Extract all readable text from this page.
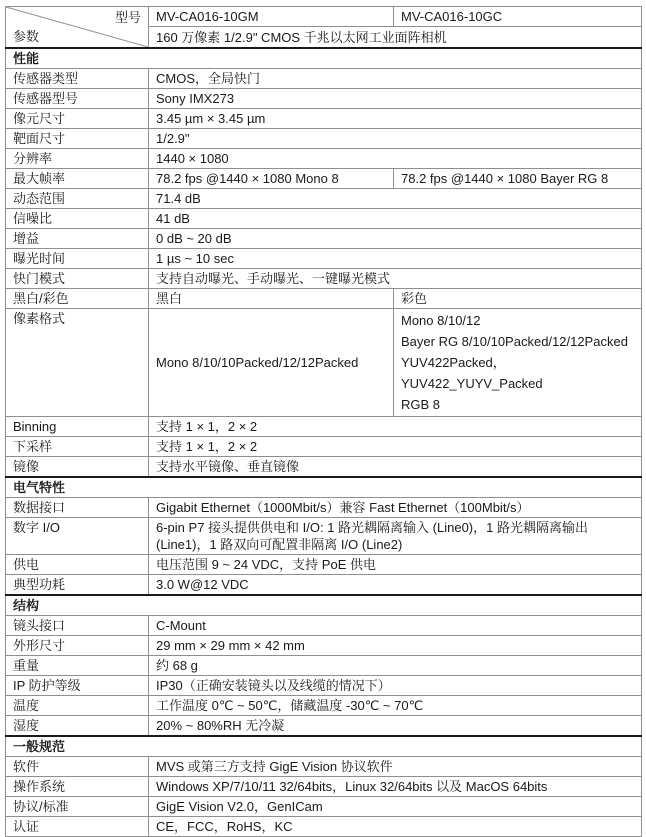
型号
参数	MV-CA016-10GM	MV-CA016-10GC
	160 万像素 1/2.9" CMOS 千兆以太网工业面阵相机	
性能		
传感器类型	CMOS，全局快门	
传感器型号	Sony IMX273	
像元尺寸	3.45 µm × 3.45 µm	
靶面尺寸	1/2.9"	
分辨率	1440 × 1080	
最大帧率	78.2 fps @1440 × 1080 Mono 8	78.2 fps @1440 × 1080 Bayer RG 8
动态范围	71.4 dB	
信噪比	41 dB	
增益	0 dB ~ 20 dB	
曝光时间	1 µs ~ 10 sec	
快门模式	支持自动曝光、手动曝光、一键曝光模式	
黑白/彩色	黑白	彩色
像素格式	Mono 8/10/10Packed/12/12Packed	Mono 8/10/12
Bayer RG 8/10/10Packed/12/12Packed
YUV422Packed，YUV422_YUYV_Packed
RGB 8

Binning	支持 1 × 1，2 × 2	
下采样	支持 1 × 1，2 × 2	
镜像	支持水平镜像、垂直镜像	
电气特性		
数据接口	Gigabit Ethernet（1000Mbit/s）兼容 Fast Ethernet（100Mbit/s）	
数字 I/O	6-pin P7 接头提供供电和 I/O: 1 路光耦隔离输入 (Line0)，1 路光耦隔离输出 (Line1)，1 路双向可配置非隔离 I/O (Line2)	
供电	电压范围 9 ~ 24 VDC，支持 PoE 供电	
典型功耗	3.0 W@12 VDC	
结构		
镜头接口	C-Mount	
外形尺寸	29 mm × 29 mm × 42 mm	
重量	约 68 g	
IP 防护等级	IP30（正确安装镜头以及线缆的情况下）	
温度	工作温度 0℃ ~ 50℃，储藏温度 -30℃ ~ 70℃	
湿度	20% ~ 80%RH 无冷凝	
一般规范		
软件	MVS 或第三方支持 GigE Vision 协议软件	
操作系统	Windows XP/7/10/11 32/64bits，Linux 32/64bits 以及 MacOS 64bits	
协议/标准	GigE Vision V2.0，GenICam	
认证	CE，FCC，RoHS，KC	
